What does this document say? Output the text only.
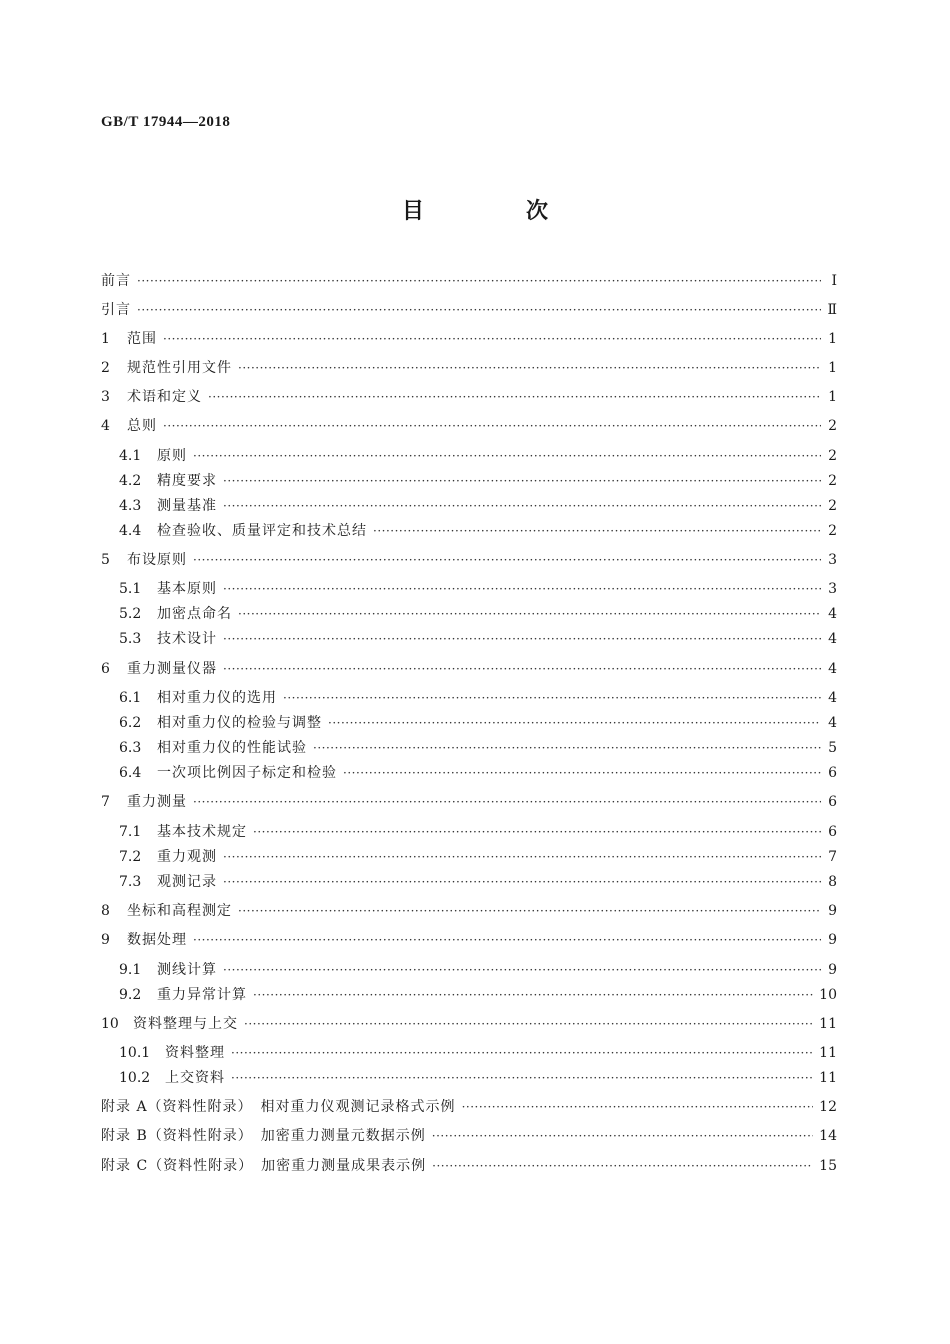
GB/T 17944—2018
目　次
前言 ·····	Ⅰ
引言 ·····	Ⅱ
1	范围 ·····	1
2	规范性引用文件 ·····	1
3	术语和定义 ·····	1
4	总则 ·····	2
4.1	原则 ·····	2
4.2	精度要求 ·····	2
4.3	测量基准 ·····	2
4.4	检查验收、质量评定和技术总结 ·····	2
5	布设原则 ·····	3
5.1	基本原则 ·····	3
5.2	加密点命名 ·····	4
5.3	技术设计 ·····	4
6	重力测量仪器 ·····	4
6.1	相对重力仪的选用 ·····	4
6.2	相对重力仪的检验与调整 ·····	4
6.3	相对重力仪的性能试验 ·····	5
6.4	一次项比例因子标定和检验 ·····	6
7	重力测量 ·····	6
7.1	基本技术规定 ·····	6
7.2	重力观测 ·····	7
7.3	观测记录 ·····	8
8	坐标和高程测定 ·····	9
9	数据处理 ·····	9
9.1	测线计算 ·····	9
9.2	重力异常计算 ·····	10
10	资料整理与上交 ·····	11
10.1	资料整理 ·····	11
10.2	上交资料 ·····	11
附录 A（资料性附录）　相对重力仪观测记录格式示例 ·····	12
附录 B（资料性附录）　加密重力测量元数据示例 ·····	14
附录 C（资料性附录）　加密重力测量成果表示例 ·····	15
